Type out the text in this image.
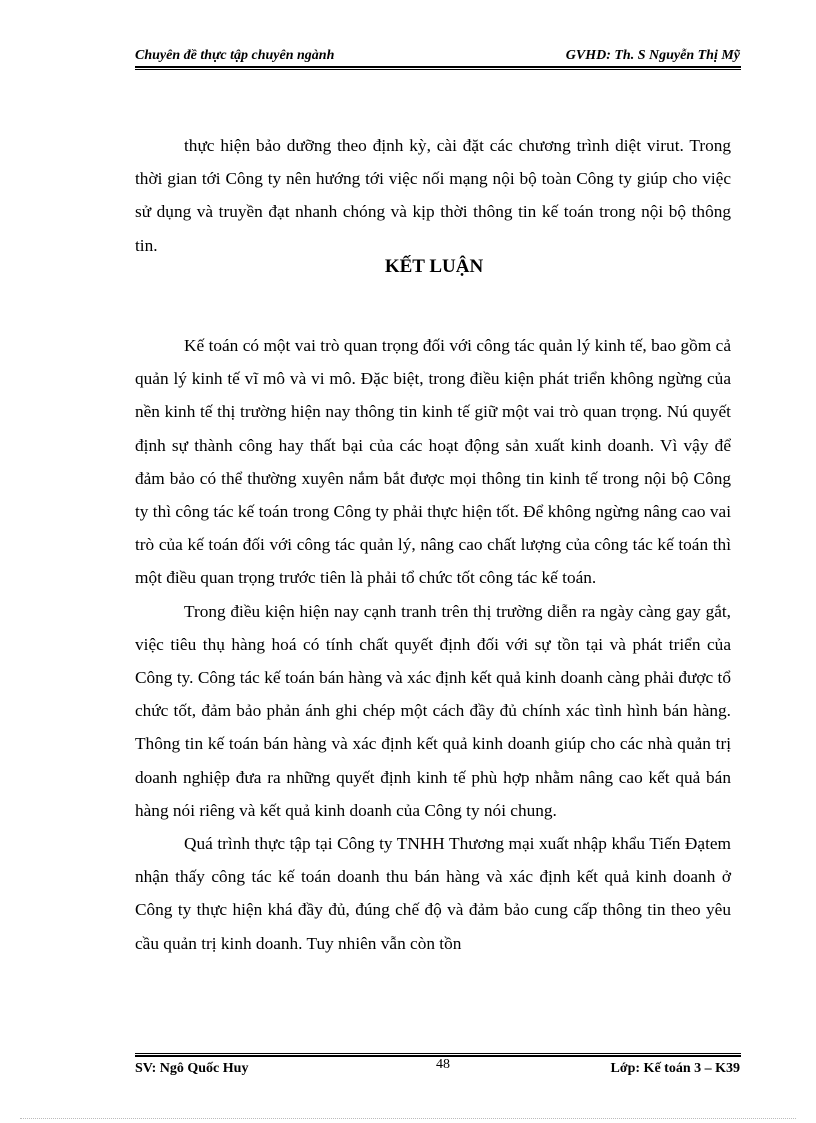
Chuyên đề thực tập chuyên ngành	GVHD: Th. S Nguyễn Thị Mỹ

thực hiện bảo dưỡng theo định kỳ, cài đặt các chương trình diệt virut. Trong thời gian tới Công ty nên hướng tới việc nối mạng nội bộ toàn Công ty giúp cho việc sử dụng và truyền đạt nhanh chóng và kịp thời thông tin kế toán trong nội bộ thông tin.

KẾT LUẬN

Kế toán có một vai trò quan trọng đối với công tác quản lý kinh tế, bao gồm cả quản lý kinh tế vĩ mô và vi mô. Đặc biệt, trong điều kiện phát triển không ngừng của nền kinh tế thị trường hiện nay thông tin kinh tế giữ một vai trò quan trọng. Nú quyết định sự thành công hay thất bại của các hoạt động sản xuất kinh doanh. Vì vậy để đảm bảo có thể thường xuyên nắm bắt được mọi thông tin kinh tế trong nội bộ Công ty thì công tác kế toán trong Công ty phải thực hiện tốt. Để không ngừng nâng cao vai trò của kế toán đối với công tác quản lý, nâng cao chất lượng của công tác kế toán thì một điều quan trọng trước tiên là phải tổ chức tốt công tác kế toán.

Trong điều kiện hiện nay cạnh tranh trên thị trường diễn ra ngày càng gay gắt, việc tiêu thụ hàng hoá có tính chất quyết định đối với sự tồn tại và phát triển của Công ty. Công tác kế toán bán hàng và xác định kết quả kinh doanh càng phải được tổ chức tốt, đảm bảo phản ánh ghi chép một cách đầy đủ chính xác tình hình bán hàng. Thông tin kế toán bán hàng và xác định kết quả kinh doanh giúp cho các nhà quản trị doanh nghiệp đưa ra những quyết định kinh tế phù hợp nhằm nâng cao kết quả bán hàng nói riêng và kết quả kinh doanh của Công ty nói chung.

Quá trình thực tập tại Công ty TNHH Thương mại xuất nhập khẩu Tiến Đạtem nhận thấy công tác kế toán doanh thu bán hàng và xác định kết quả kinh doanh ở Công ty thực hiện khá đầy đủ, đúng chế độ và đảm bảo cung cấp thông tin theo yêu cầu quản trị kinh doanh. Tuy nhiên vẫn còn tồn

SV: Ngô Quốc Huy	48	Lớp: Kế toán 3 – K39
